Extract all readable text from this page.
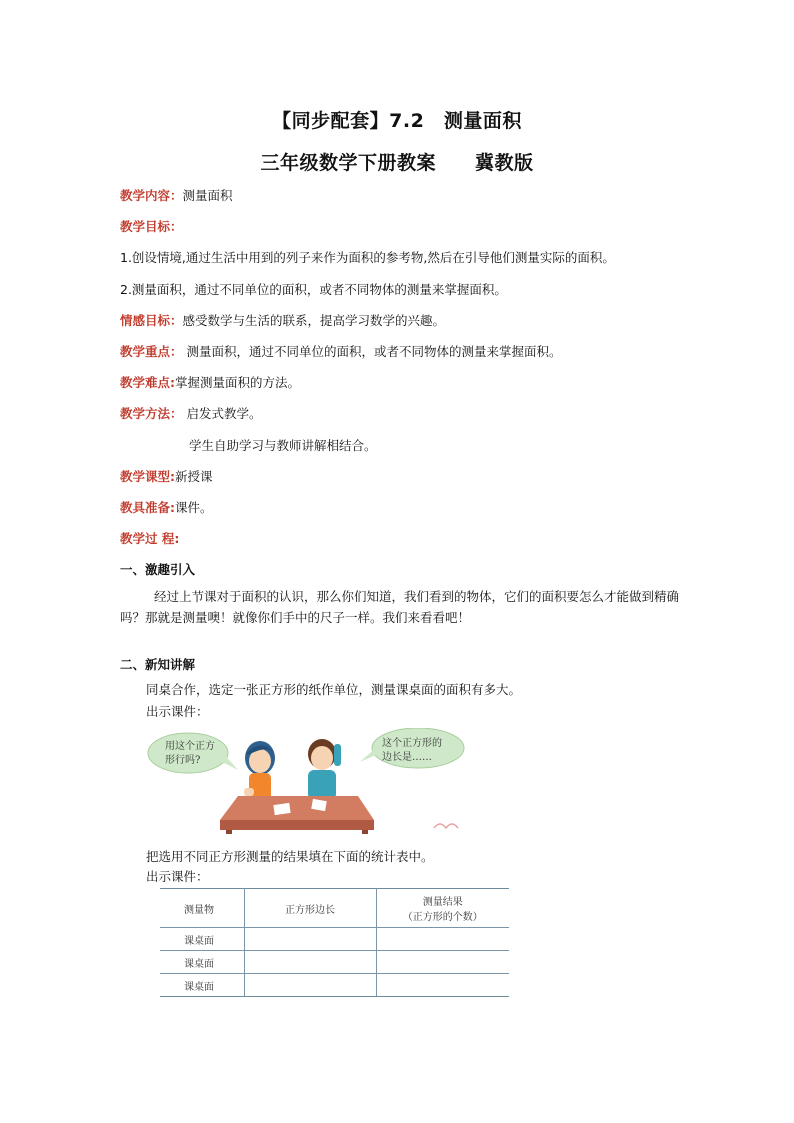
【同步配套】7.2　测量面积
三年级数学下册教案　　冀教版
教学内容：测量面积
教学目标：
1.创设情境,通过生活中用到的列子来作为面积的参考物,然后在引导他们测量实际的面积。
2.测量面积，通过不同单位的面积，或者不同物体的测量来掌握面积。
情感目标：感受数学与生活的联系，提高学习数学的兴趣。
教学重点： 测量面积，通过不同单位的面积，或者不同物体的测量来掌握面积。
教学难点:掌握测量面积的方法。
教学方法： 启发式教学。
学生自助学习与教师讲解相结合。
教学课型:新授课
教具准备:课件。
教学过 程:
一、激趣引入
经过上节课对于面积的认识，那么你们知道，我们看到的物体，它们的面积要怎么才能做到精确吗？那就是测量噢！就像你们手中的尺子一样。我们来看看吧！
二、新知讲解
同桌合作，选定一张正方形的纸作单位，测量课桌面的面积有多大。
出示课件：
用这个正方
形行吗?
这个正方形的
边长是……
把选用不同正方形测量的结果填在下面的统计表中。
出示课件：
测量物	正方形边长	测量结果
（正方形的个数）

课桌面		
课桌面		
课桌面		
